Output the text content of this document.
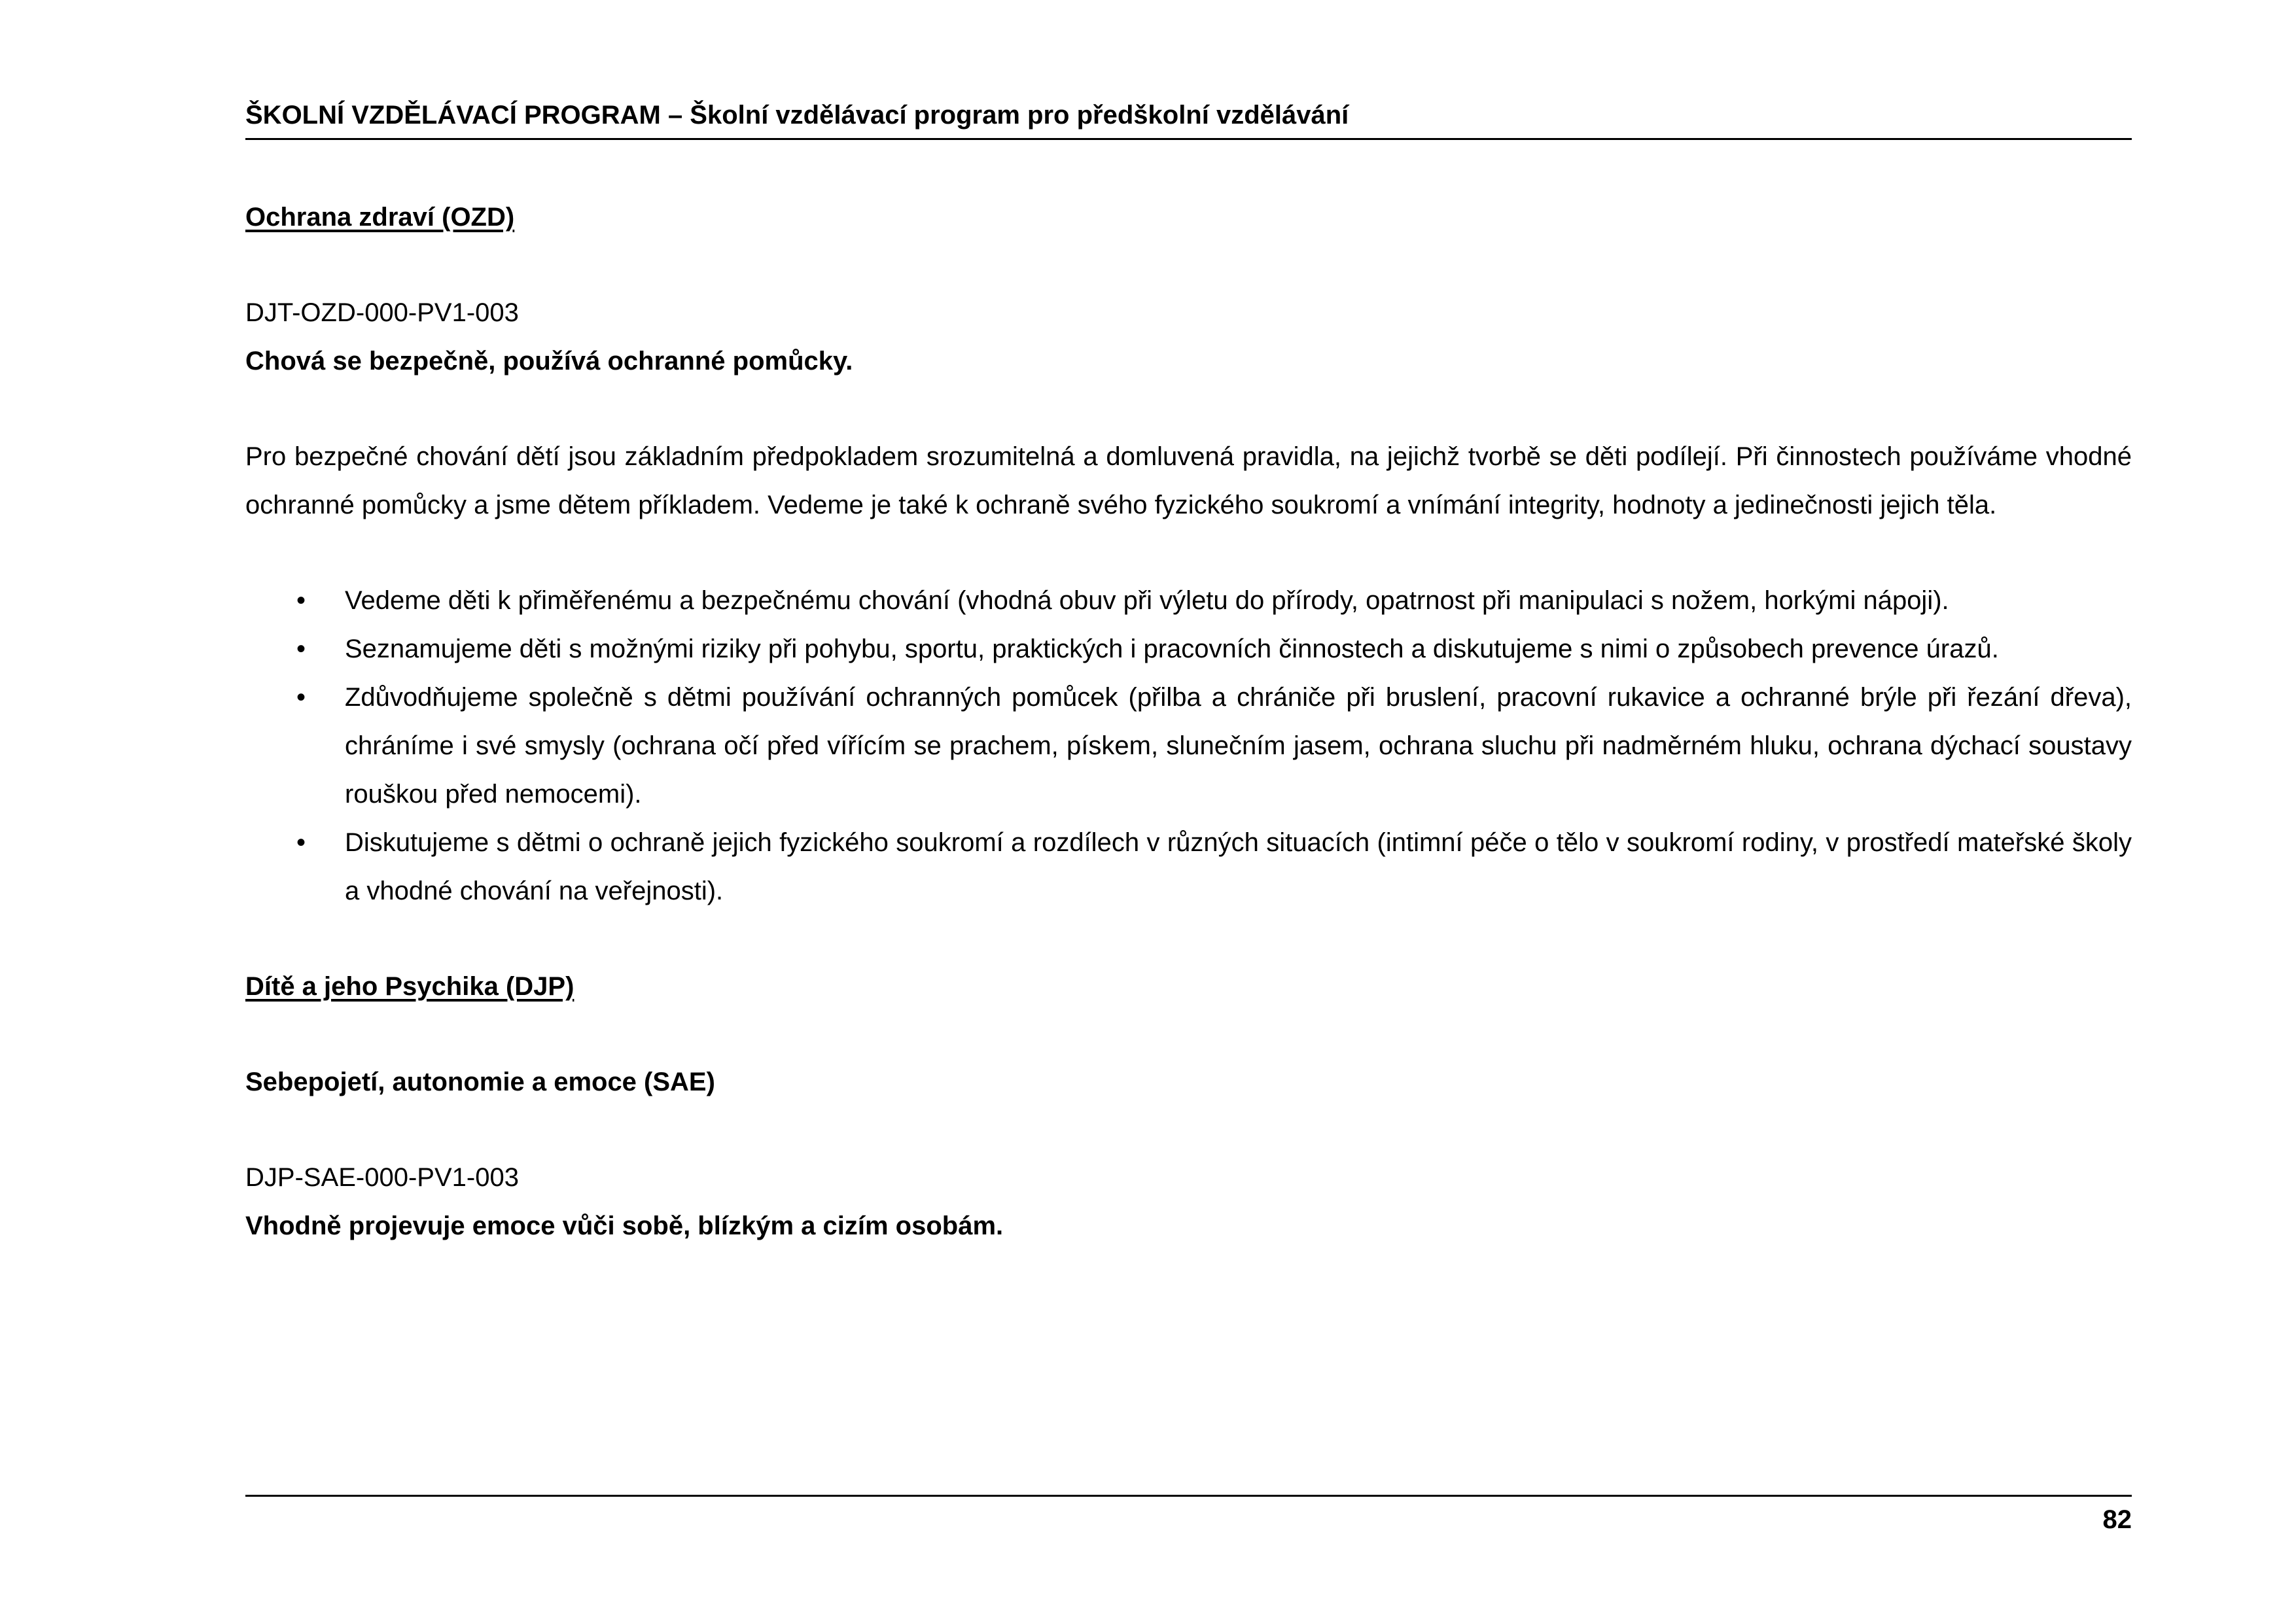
ŠKOLNÍ VZDĚLÁVACÍ PROGRAM – Školní vzdělávací program pro předškolní vzdělávání

Ochrana zdraví (OZD)

DJT-OZD-000-PV1-003

Chová se bezpečně, používá ochranné pomůcky.

Pro bezpečné chování dětí jsou základním předpokladem srozumitelná a domluvená pravidla, na jejichž tvorbě se děti podílejí. Při činnostech používáme vhodné ochranné pomůcky a jsme dětem příkladem. Vedeme je také k ochraně svého fyzického soukromí a vnímání integrity, hodnoty a jedinečnosti jejich těla.

• Vedeme děti k přiměřenému a bezpečnému chování (vhodná obuv při výletu do přírody, opatrnost při manipulaci s nožem, horkými nápoji).
• Seznamujeme děti s možnými riziky při pohybu, sportu, praktických i pracovních činnostech a diskutujeme s nimi o způsobech prevence úrazů.
• Zdůvodňujeme společně s dětmi používání ochranných pomůcek (přilba a chrániče při bruslení, pracovní rukavice a ochranné brýle při řezání dřeva), chráníme i své smysly (ochrana očí před vířícím se prachem, pískem, slunečním jasem, ochrana sluchu při nadměrném hluku, ochrana dýchací soustavy rouškou před nemocemi).
• Diskutujeme s dětmi o ochraně jejich fyzického soukromí a rozdílech v různých situacích (intimní péče o tělo v soukromí rodiny, v prostředí mateřské školy a vhodné chování na veřejnosti).

Dítě a jeho Psychika (DJP)

Sebepojetí, autonomie a emoce (SAE)

DJP-SAE-000-PV1-003

Vhodně projevuje emoce vůči sobě, blízkým a cizím osobám.

82
